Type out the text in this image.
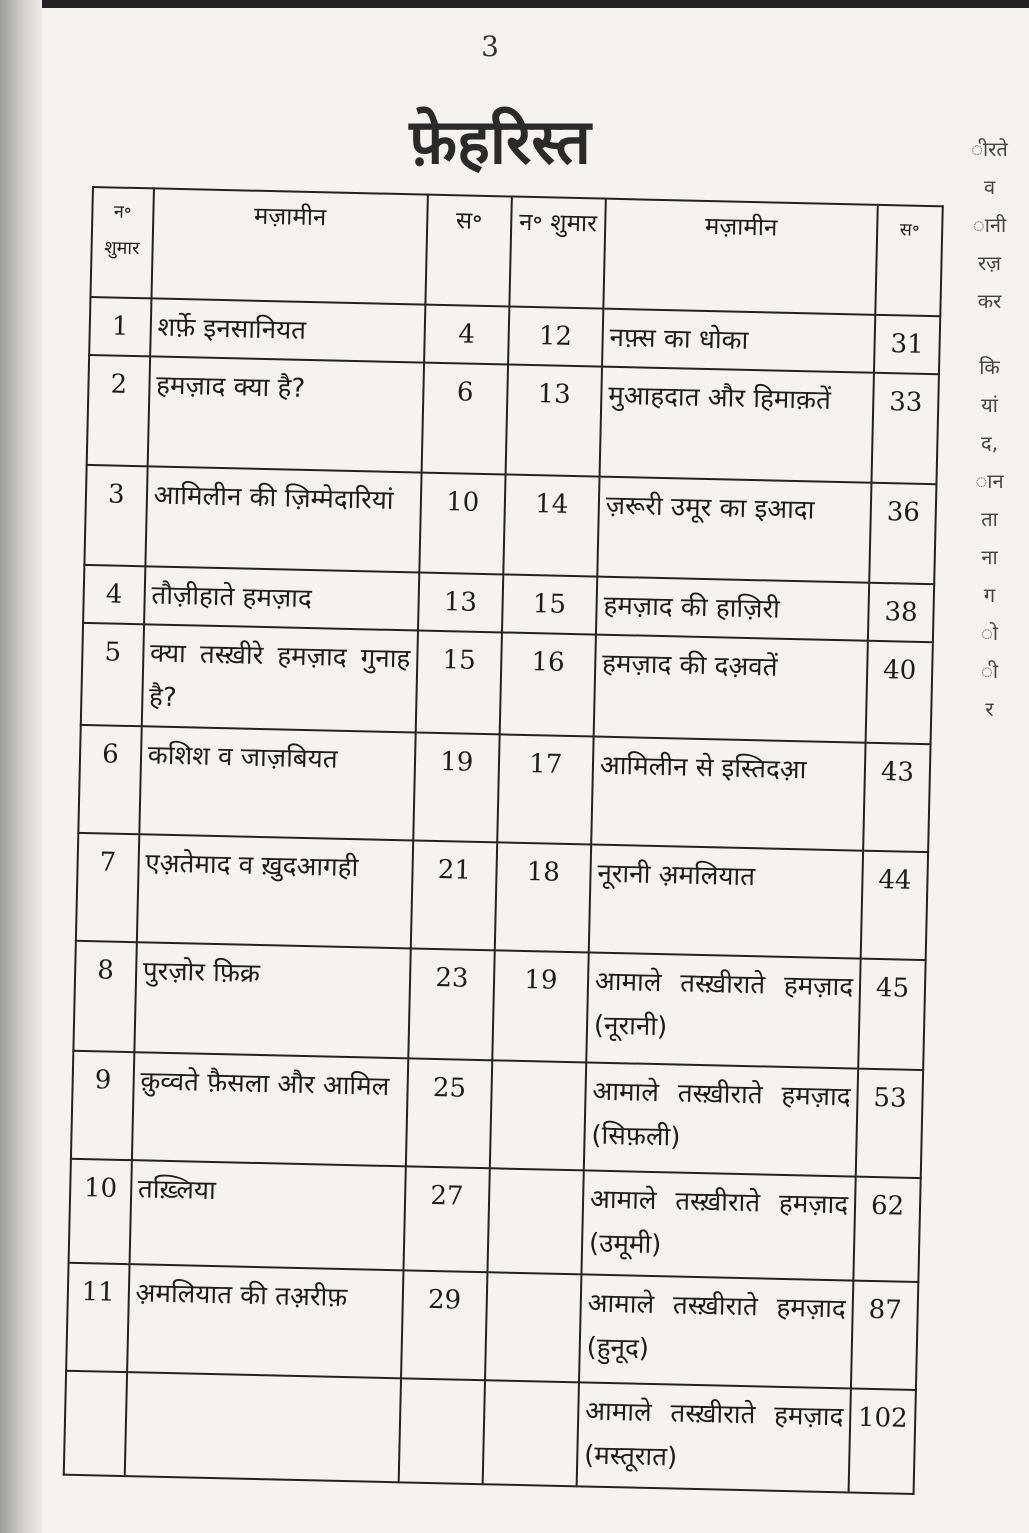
3
फ़ेहरिस्त
न॰ शुमार	मज़ामीन	स॰	न॰ शुमार	मज़ामीन	स॰
1	शर्फ़े इनसानियत	4	12	नफ़्स का धोका	31
2	हमज़ाद क्या है?	6	13	मुआहदात और हिमाक़तें	33
3	आमिलीन की ज़िम्मेदारियां	10	14	ज़रूरी उमूर का इआदा	36
4	तौज़ीहाते हमज़ाद	13	15	हमज़ाद की हाज़िरी	38
5	क्या तस्ख़ीरे हमज़ाद गुनाह है?	15	16	हमज़ाद की दअ़वतें	40
6	कशिश व जाज़बियत	19	17	आमिलीन से इस्तिदआ़	43
7	एअ़तेमाद व ख़ुदआगही	21	18	नूरानी अ़मलियात	44
8	पुरज़ोर फ़िक्र	23	19	आमाले तस्ख़ीराते हमज़ाद (नूरानी)	45
9	क़ुव्वते फ़ैसला और आमिल	25		आमाले तस्ख़ीराते हमज़ाद (सिफ़ली)	53
10	तख़्लिया	27		आमाले तस्ख़ीराते हमज़ाद (उमूमी)	62
11	अ़मलियात की तअ़रीफ़	29		आमाले तस्ख़ीराते हमज़ाद (हुनूद)	87
				आमाले तस्ख़ीराते हमज़ाद (मस्तूरात)	102
ीरते
व
ानी
रज़
कर
कि
यां
द,
ान
ता
ना
ग
ो
ी
र
